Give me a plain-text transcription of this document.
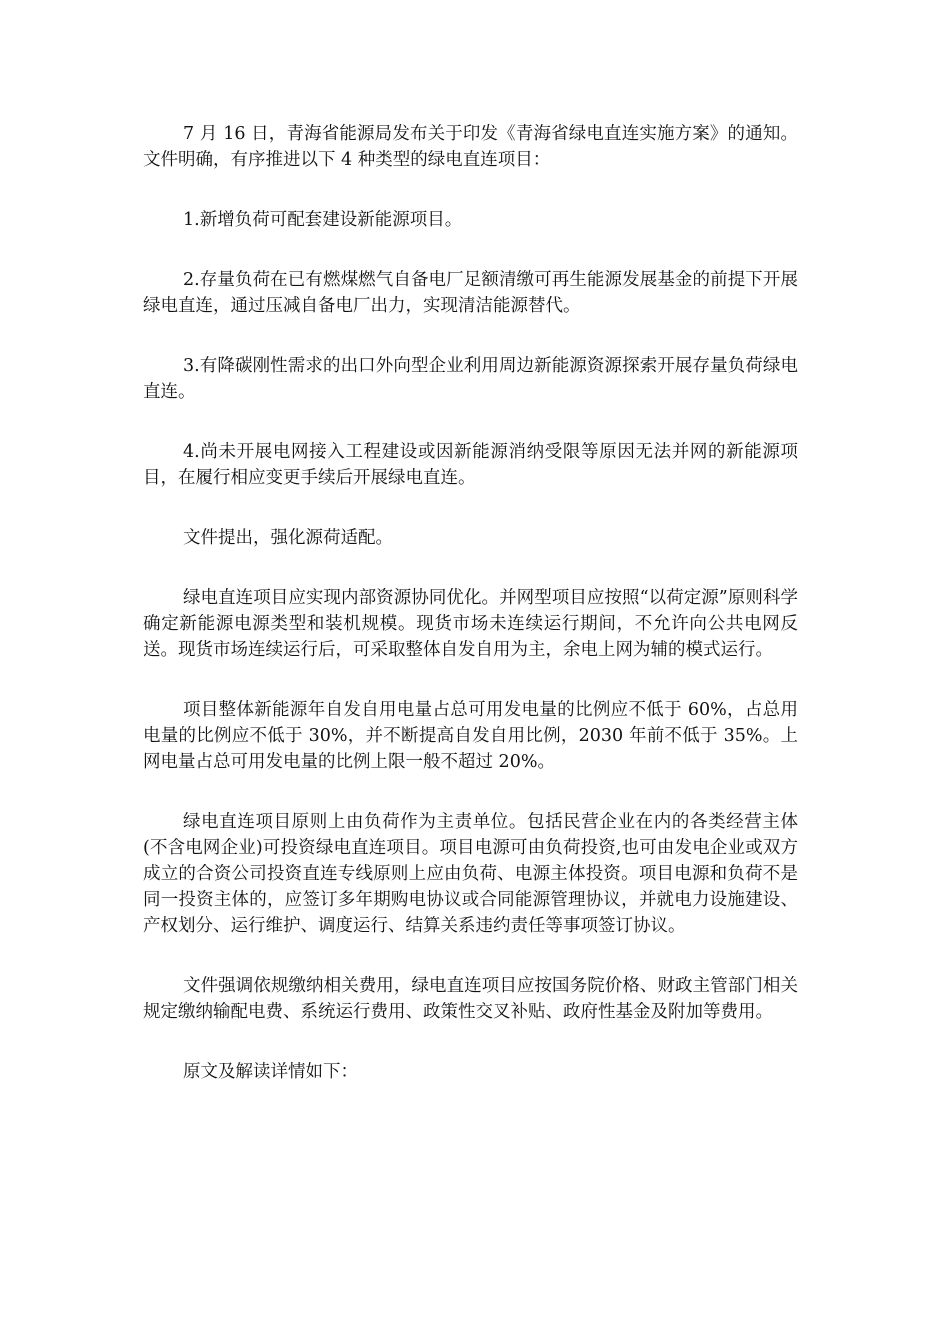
7 月 16 日，青海省能源局发布关于印发《青海省绿电直连实施方案》的通知。文件明确，有序推进以下 4 种类型的绿电直连项目：

1.新增负荷可配套建设新能源项目。

2.存量负荷在已有燃煤燃气自备电厂足额清缴可再生能源发展基金的前提下开展绿电直连，通过压减自备电厂出力，实现清洁能源替代。

3.有降碳刚性需求的出口外向型企业利用周边新能源资源探索开展存量负荷绿电直连。

4.尚未开展电网接入工程建设或因新能源消纳受限等原因无法并网的新能源项目，在履行相应变更手续后开展绿电直连。

文件提出，强化源荷适配。

绿电直连项目应实现内部资源协同优化。并网型项目应按照“以荷定源”原则科学确定新能源电源类型和装机规模。现货市场未连续运行期间，不允许向公共电网反送。现货市场连续运行后，可采取整体自发自用为主，余电上网为辅的模式运行。

项目整体新能源年自发自用电量占总可用发电量的比例应不低于 60%，占总用电量的比例应不低于 30%，并不断提高自发自用比例，2030 年前不低于 35%。上网电量占总可用发电量的比例上限一般不超过 20%。

绿电直连项目原则上由负荷作为主责单位。包括民营企业在内的各类经营主体(不含电网企业)可投资绿电直连项目。项目电源可由负荷投资,也可由发电企业或双方成立的合资公司投资直连专线原则上应由负荷、电源主体投资。项目电源和负荷不是同一投资主体的，应签订多年期购电协议或合同能源管理协议，并就电力设施建设、产权划分、运行维护、调度运行、结算关系违约责任等事项签订协议。

文件强调依规缴纳相关费用，绿电直连项目应按国务院价格、财政主管部门相关规定缴纳输配电费、系统运行费用、政策性交叉补贴、政府性基金及附加等费用。

原文及解读详情如下：
